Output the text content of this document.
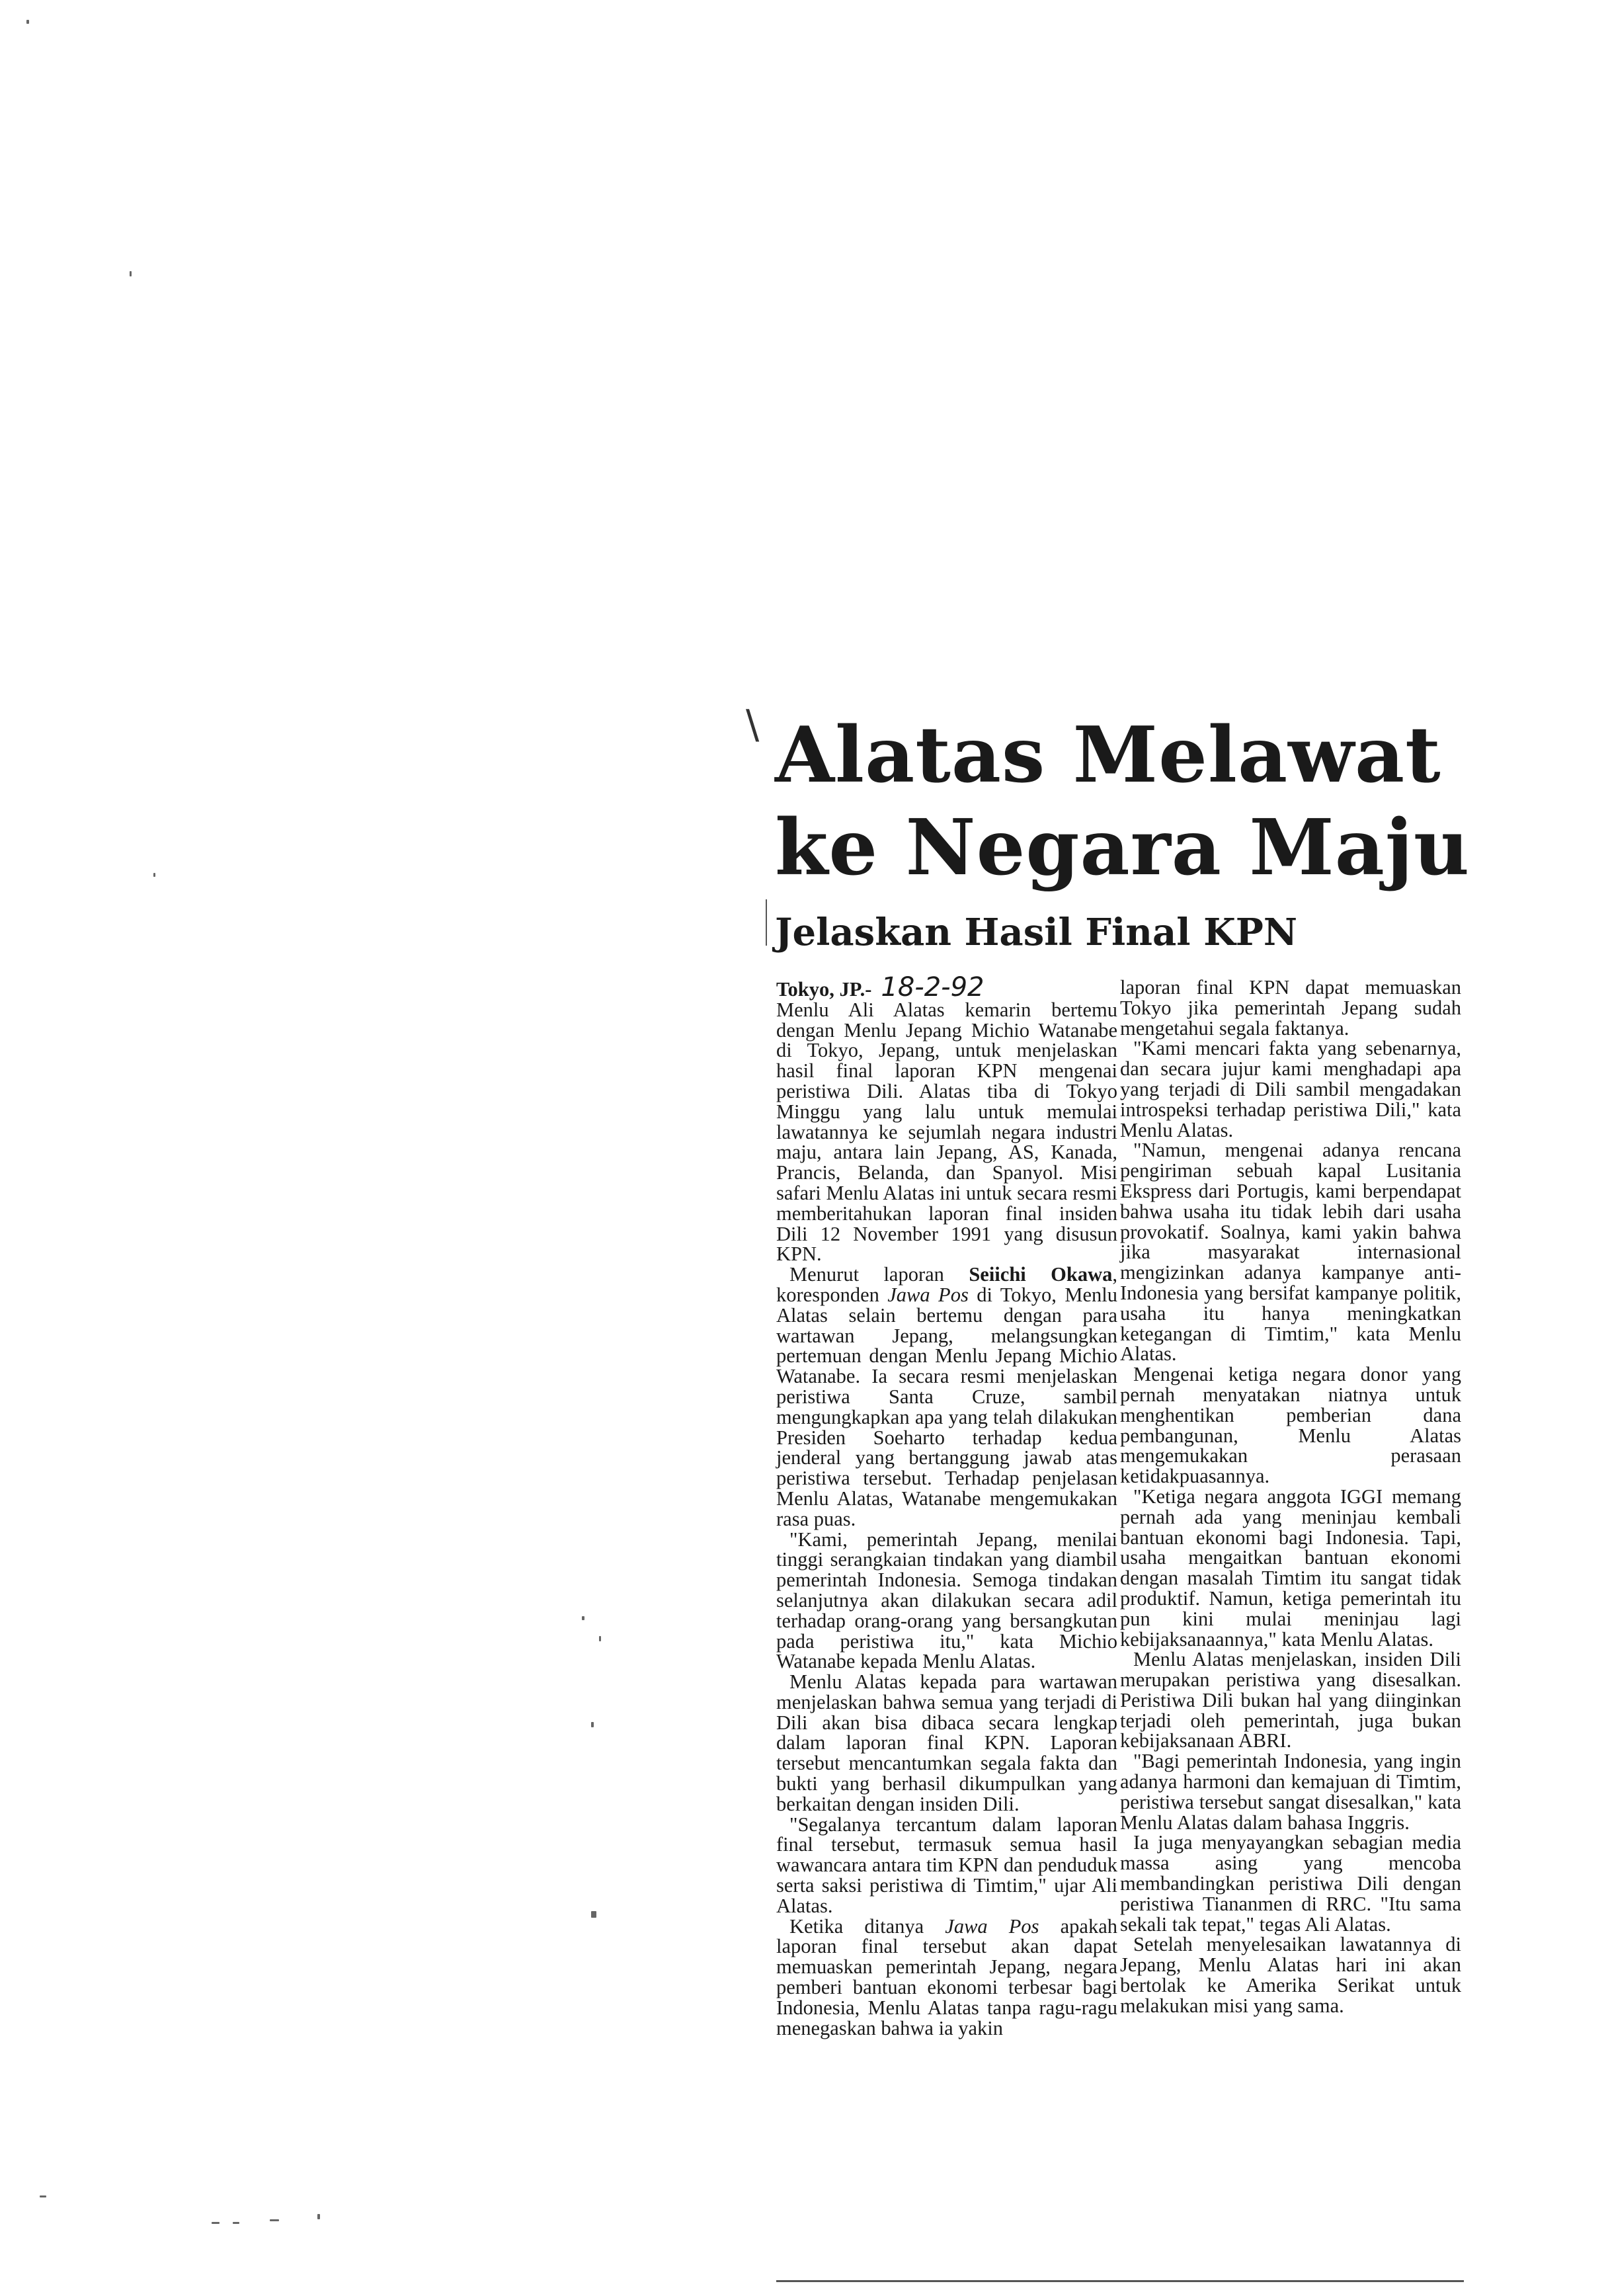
\ Alatas Melawat
ke Negara Maju
Jelaskan Hasil Final KPN

Tokyo, JP.- 18-2-92

Menlu Ali Alatas kemarin bertemu dengan Menlu Jepang Michio Watanabe di Tokyo, Jepang, untuk menjelaskan hasil final laporan KPN mengenai peristiwa Dili. Alatas tiba di Tokyo Minggu yang lalu untuk memulai lawatannya ke sejumlah negara industri maju, antara lain Jepang, AS, Kanada, Prancis, Belanda, dan Spanyol. Misi safari Menlu Alatas ini untuk secara resmi memberitahukan laporan final insiden Dili 12 November 1991 yang disusun KPN.

Menurut laporan Seiichi Okawa, koresponden Jawa Pos di Tokyo, Menlu Alatas selain bertemu dengan para wartawan Jepang, melangsungkan pertemuan dengan Menlu Jepang Michio Watanabe. Ia secara resmi menjelaskan peristiwa Santa Cruze, sambil mengungkapkan apa yang telah dilakukan Presiden Soeharto terhadap kedua jenderal yang bertanggung jawab atas peristiwa tersebut. Terhadap penjelasan Menlu Alatas, Watanabe mengemukakan rasa puas.

"Kami, pemerintah Jepang, menilai tinggi serangkaian tindakan yang diambil pemerintah Indonesia. Semoga tindakan selanjutnya akan dilakukan secara adil terhadap orang-orang yang bersangkutan pada peristiwa itu," kata Michio Watanabe kepada Menlu Alatas.

Menlu Alatas kepada para wartawan menjelaskan bahwa semua yang terjadi di Dili akan bisa dibaca secara lengkap dalam laporan final KPN. Laporan tersebut mencantumkan segala fakta dan bukti yang berhasil dikumpulkan yang berkaitan dengan insiden Dili.

"Segalanya tercantum dalam laporan final tersebut, termasuk semua hasil wawancara antara tim KPN dan penduduk serta saksi peristiwa di Timtim," ujar Ali Alatas.

Ketika ditanya Jawa Pos apakah laporan final tersebut akan dapat memuaskan pemerintah Jepang, negara pemberi bantuan ekonomi terbesar bagi Indonesia, Menlu Alatas tanpa ragu-ragu menegaskan bahwa ia yakin

laporan final KPN dapat memuaskan Tokyo jika pemerintah Jepang sudah mengetahui segala faktanya.

"Kami mencari fakta yang sebenarnya, dan secara jujur kami menghadapi apa yang terjadi di Dili sambil mengadakan introspeksi terhadap peristiwa Dili," kata Menlu Alatas.

"Namun, mengenai adanya rencana pengiriman sebuah kapal Lusitania Ekspress dari Portugis, kami berpendapat bahwa usaha itu tidak lebih dari usaha provokatif. Soalnya, kami yakin bahwa jika masyarakat internasional mengizinkan adanya kampanye anti-Indonesia yang bersifat kampanye politik, usaha itu hanya meningkatkan ketegangan di Timtim," kata Menlu Alatas.

Mengenai ketiga negara donor yang pernah menyatakan niatnya untuk menghentikan pemberian dana pembangunan, Menlu Alatas mengemukakan perasaan ketidakpuasannya.

"Ketiga negara anggota IGGI memang pernah ada yang meninjau kembali bantuan ekonomi bagi Indonesia. Tapi, usaha mengaitkan bantuan ekonomi dengan masalah Timtim itu sangat tidak produktif. Namun, ketiga pemerintah itu pun kini mulai meninjau lagi kebijaksanaannya," kata Menlu Alatas.

Menlu Alatas menjelaskan, insiden Dili merupakan peristiwa yang disesalkan. Peristiwa Dili bukan hal yang diinginkan terjadi oleh pemerintah, juga bukan kebijaksanaan ABRI.

"Bagi pemerintah Indonesia, yang ingin adanya harmoni dan kemajuan di Timtim, peristiwa tersebut sangat disesalkan," kata Menlu Alatas dalam bahasa Inggris.

Ia juga menyayangkan sebagian media massa asing yang mencoba membandingkan peristiwa Dili dengan peristiwa Tiananmen di RRC. "Itu sama sekali tak tepat," tegas Ali Alatas.

Setelah menyelesaikan lawatannya di Jepang, Menlu Alatas hari ini akan bertolak ke Amerika Serikat untuk melakukan misi yang sama.
